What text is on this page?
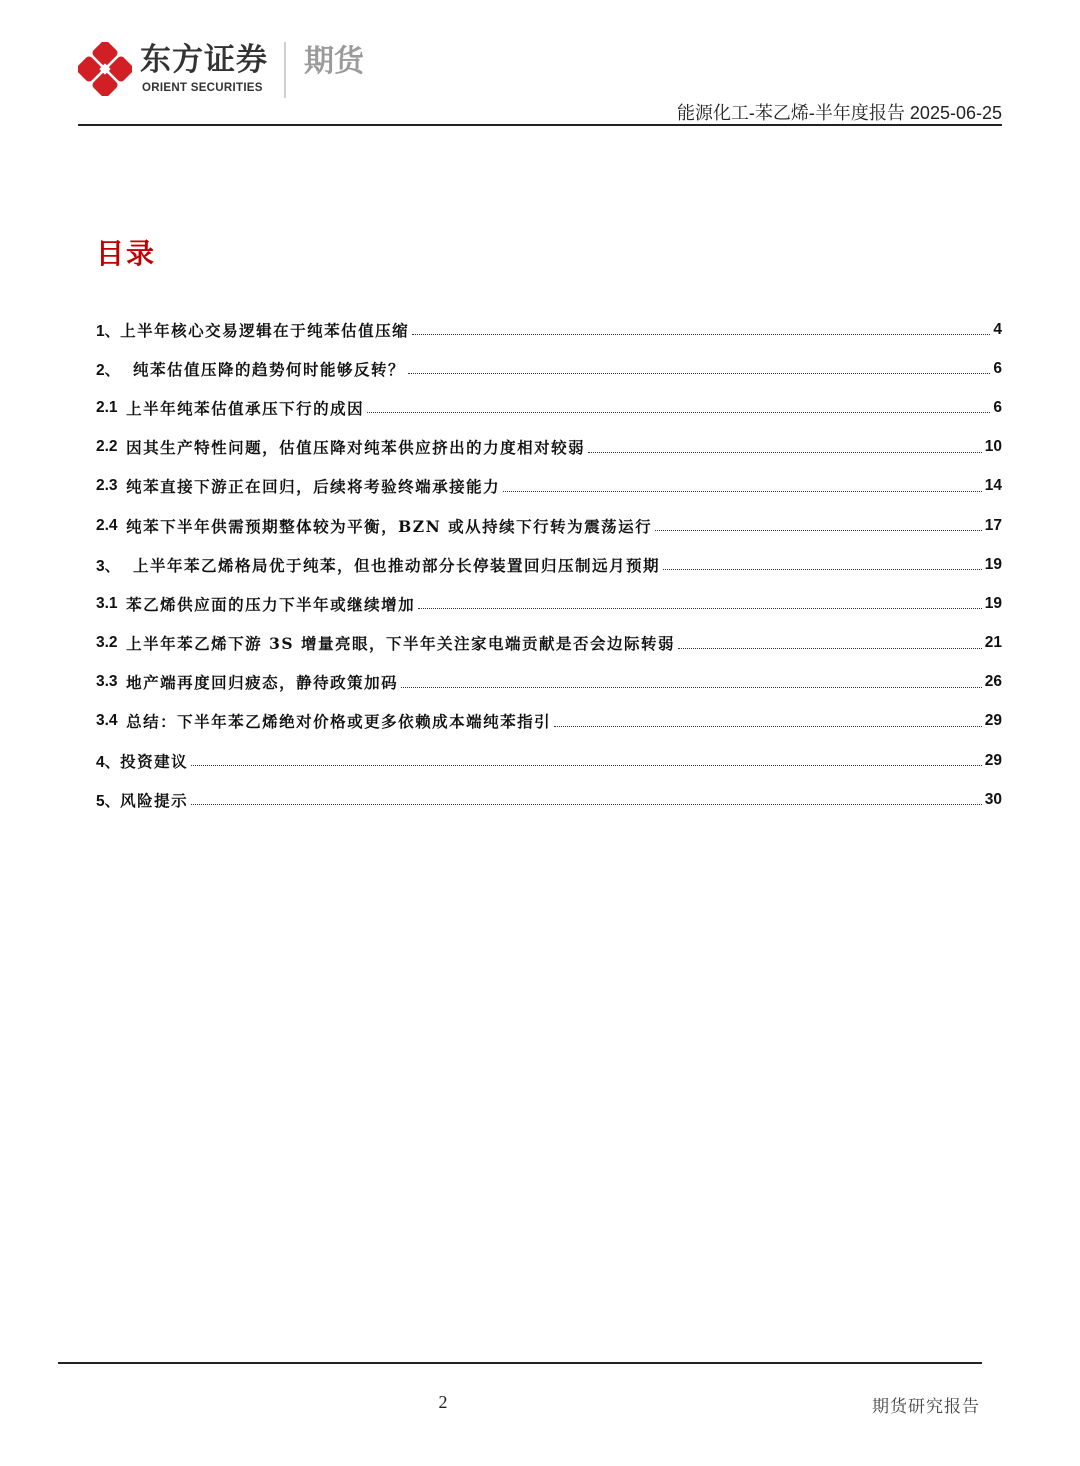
东方证券
ORIENT SECURITIES
期货
能源化工-苯乙烯-半年度报告 2025-06-25
目录
1、 上半年核心交易逻辑在于纯苯估值压缩	4
2、 纯苯估值压降的趋势何时能够反转？	6
2.1 上半年纯苯估值承压下行的成因	6
2.2 因其生产特性问题，估值压降对纯苯供应挤出的力度相对较弱	10
2.3 纯苯直接下游正在回归，后续将考验终端承接能力	14
2.4 纯苯下半年供需预期整体较为平衡，BZN 或从持续下行转为震荡运行	17
3、 上半年苯乙烯格局优于纯苯，但也推动部分长停装置回归压制远月预期	19
3.1 苯乙烯供应面的压力下半年或继续增加	19
3.2 上半年苯乙烯下游 3S 增量亮眼，下半年关注家电端贡献是否会边际转弱	21
3.3 地产端再度回归疲态，静待政策加码	26
3.4 总结：下半年苯乙烯绝对价格或更多依赖成本端纯苯指引	29
4、 投资建议	29
5、 风险提示	30
2	期货研究报告
